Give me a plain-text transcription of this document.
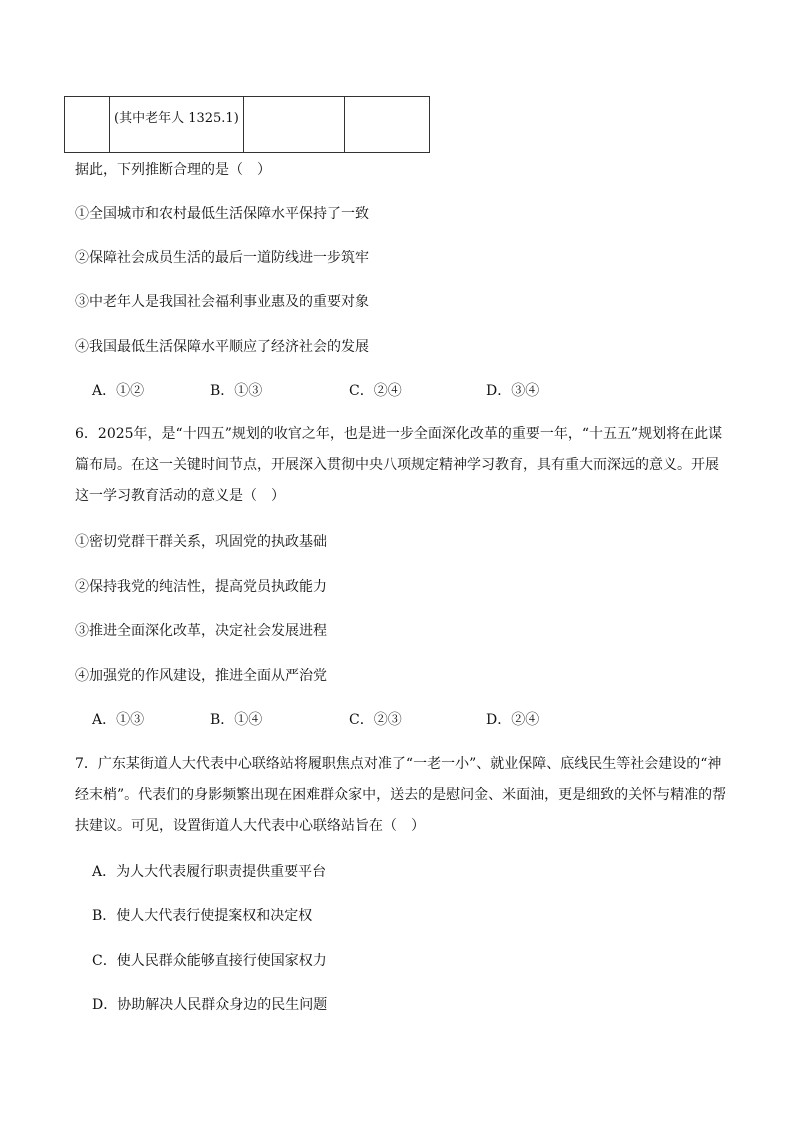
	(其中老年人 1325.1)		
据此，下列推断合理的是（　）
①全国城市和农村最低生活保障水平保持了一致
②保障社会成员生活的最后一道防线进一步筑牢
③中老年人是我国社会福利事业惠及的重要对象
④我国最低生活保障水平顺应了经济社会的发展
A．①②	B．①③	C．②④	D．③④
6．2025年，是“十四五”规划的收官之年，也是进一步全面深化改革的重要一年，“十五五”规划将在此谋篇布局。在这一关键时间节点，开展深入贯彻中央八项规定精神学习教育，具有重大而深远的意义。开展这一学习教育活动的意义是（　）
①密切党群干群关系，巩固党的执政基础
②保持我党的纯洁性，提高党员执政能力
③推进全面深化改革，决定社会发展进程
④加强党的作风建设，推进全面从严治党
A．①③	B．①④	C．②③	D．②④
7．广东某街道人大代表中心联络站将履职焦点对准了“一老一小”、就业保障、底线民生等社会建设的“神经末梢”。代表们的身影频繁出现在困难群众家中，送去的是慰问金、米面油，更是细致的关怀与精准的帮扶建议。可见，设置街道人大代表中心联络站旨在（　）
A．为人大代表履行职责提供重要平台
B．使人大代表行使提案权和决定权
C．使人民群众能够直接行使国家权力
D．协助解决人民群众身边的民生问题
